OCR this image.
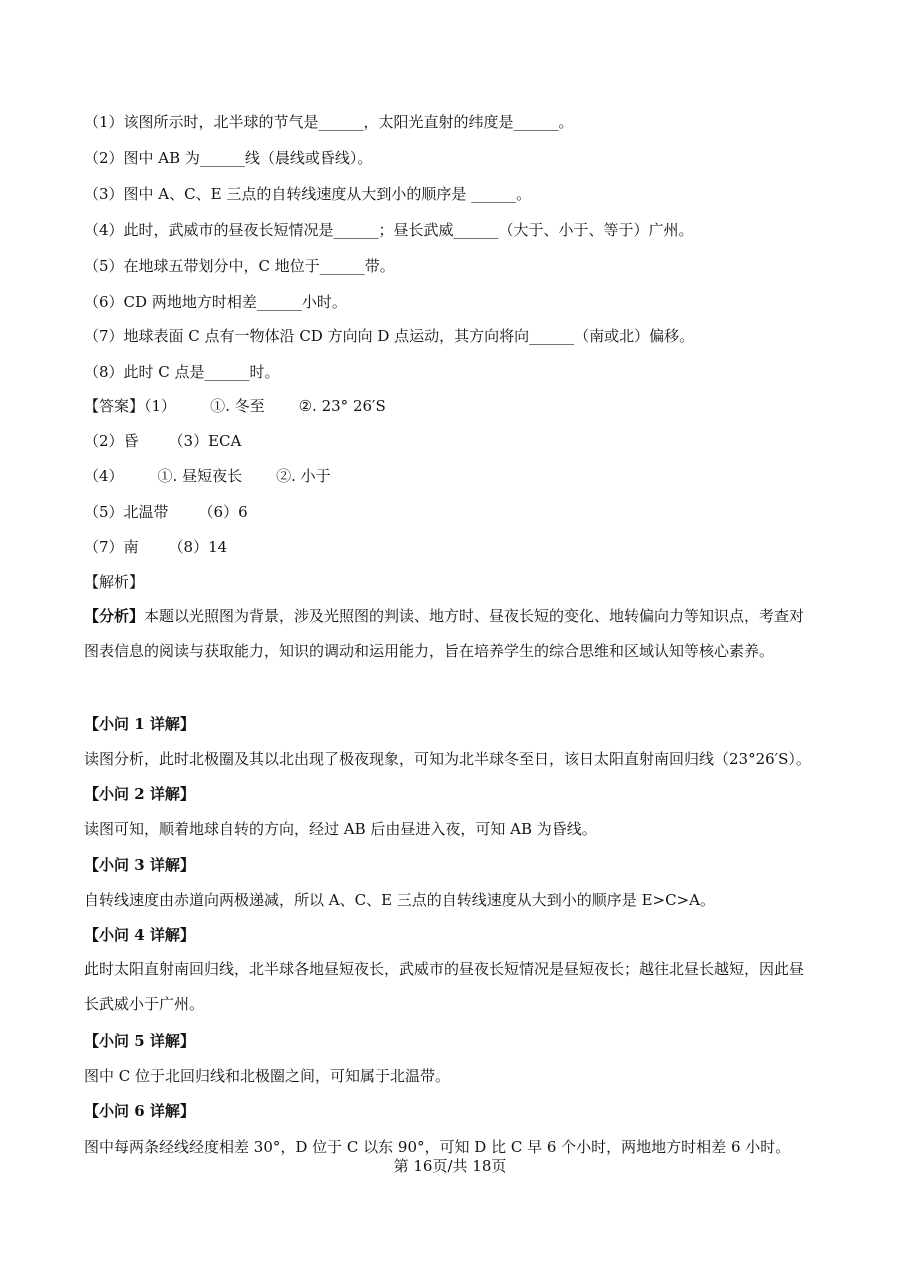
（1）该图所示时，北半球的节气是______，太阳光直射的纬度是______。
（2）图中 AB 为______线（晨线或昏线）。
（3）图中 A、C、E 三点的自转线速度从大到小的顺序是 ______。
（4）此时，武威市的昼夜长短情况是______；昼长武威______（大于、小于、等于）广州。
（5）在地球五带划分中，C 地位于______带。
（6）CD 两地地方时相差______小时。
（7）地球表面 C 点有一物体沿 CD 方向向 D 点运动，其方向将向______（南或北）偏移。
（8）此时 C 点是______时。
【答案】（1） ①. 冬至 ②. 23° 26′S
（2）昏 （3）ECA
（4） ①. 昼短夜长 ②. 小于
（5）北温带 （6）6
（7）南 （8）14
【解析】
【分析】本题以光照图为背景，涉及光照图的判读、地方时、昼夜长短的变化、地转偏向力等知识点，考查对图表信息的阅读与获取能力，知识的调动和运用能力，旨在培养学生的综合思维和区域认知等核心素养。
【小问 1 详解】
读图分析，此时北极圈及其以北出现了极夜现象，可知为北半球冬至日，该日太阳直射南回归线（23°26′S）。
【小问 2 详解】
读图可知，顺着地球自转的方向，经过 AB 后由昼进入夜，可知 AB 为昏线。
【小问 3 详解】
自转线速度由赤道向两极递减，所以 A、C、E 三点的自转线速度从大到小的顺序是 E>C>A。
【小问 4 详解】
此时太阳直射南回归线，北半球各地昼短夜长，武威市的昼夜长短情况是昼短夜长；越往北昼长越短，因此昼长武威小于广州。
【小问 5 详解】
图中 C 位于北回归线和北极圈之间，可知属于北温带。
【小问 6 详解】
图中每两条经线经度相差 30°，D 位于 C 以东 90°，可知 D 比 C 早 6 个小时，两地地方时相差 6 小时。
第 16页/共 18页
